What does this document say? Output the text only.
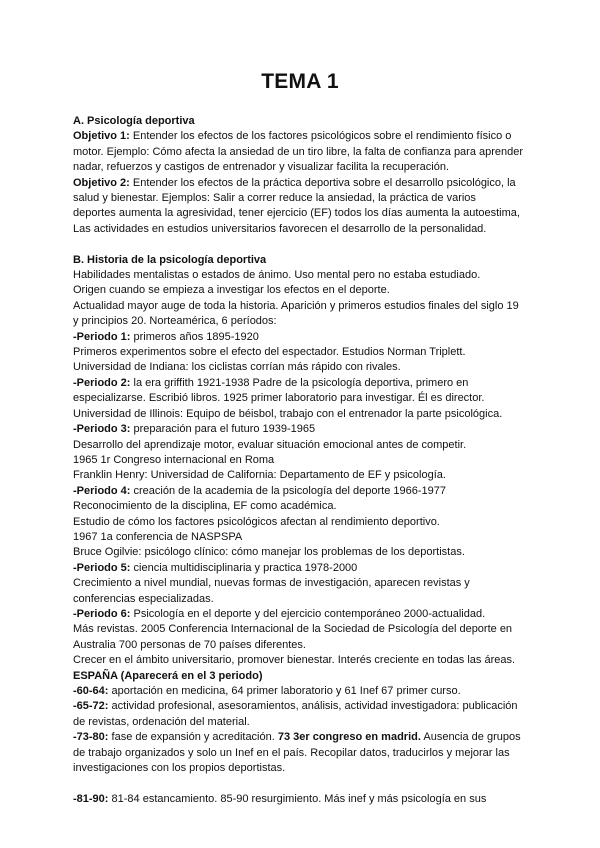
TEMA 1
A. Psicología deportiva
Objetivo 1: Entender los efectos de los factores psicológicos sobre el rendimiento físico o
motor. Ejemplo: Cómo afecta la ansiedad de un tiro libre, la falta de confianza para aprender
nadar, refuerzos y castigos de entrenador y visualizar facilita la recuperación.
Objetivo 2: Entender los efectos de la práctica deportiva sobre el desarrollo psicológico, la
salud y bienestar. Ejemplos: Salir a correr reduce la ansiedad, la práctica de varios
deportes aumenta la agresividad, tener ejercicio (EF) todos los días aumenta la autoestima,
Las actividades en estudios universitarios favorecen el desarrollo de la personalidad.
B. Historia de la psicología deportiva
Habilidades mentalistas o estados de ánimo. Uso mental pero no estaba estudiado.
Origen cuando se empieza a investigar los efectos en el deporte.
Actualidad mayor auge de toda la historia. Aparición y primeros estudios finales del siglo 19
y principios 20. Norteamérica, 6 períodos:
-Periodo 1: primeros años 1895-1920
Primeros experimentos sobre el efecto del espectador. Estudios Norman Triplett.
Universidad de Indiana: los ciclistas corrían más rápido con rivales.
-Periodo 2: la era griffith 1921-1938 Padre de la psicología deportiva, primero en
especializarse. Escribió libros. 1925 primer laboratorio para investigar. Él es director.
Universidad de Illinois: Equipo de béisbol, trabajo con el entrenador la parte psicológica.
-Periodo 3: preparación para el futuro 1939-1965
Desarrollo del aprendizaje motor, evaluar situación emocional antes de competir.
1965 1r Congreso internacional en Roma
Franklin Henry: Universidad de California: Departamento de EF y psicología.
-Periodo 4: creación de la academia de la psicología del deporte 1966-1977
Reconocimiento de la disciplina, EF como académica.
Estudio de cómo los factores psicológicos afectan al rendimiento deportivo.
1967 1a conferencia de NASPSPA
Bruce Ogilvie: psicólogo clínico: cómo manejar los problemas de los deportistas.
-Periodo 5: ciencia multidisciplinaria y practica 1978-2000
Crecimiento a nivel mundial, nuevas formas de investigación, aparecen revistas y
conferencias especializadas.
-Periodo 6: Psicología en el deporte y del ejercicio contemporáneo 2000-actualidad.
Más revistas. 2005 Conferencia Internacional de la Sociedad de Psicología del deporte en
Australia 700 personas de 70 países diferentes.
Crecer en el ámbito universitario, promover bienestar. Interés creciente en todas las áreas.
ESPAÑA (Aparecerá en el 3 periodo)
-60-64: aportación en medicina, 64 primer laboratorio y 61 Inef 67 primer curso.
-65-72: actividad profesional, asesoramientos, análisis, actividad investigadora: publicación
de revistas, ordenación del material.
-73-80: fase de expansión y acreditación. 73 3er congreso en madrid. Ausencia de grupos
de trabajo organizados y solo un Inef en el país. Recopilar datos, traducirlos y mejorar las
investigaciones con los propios deportistas.
-81-90: 81-84 estancamiento. 85-90 resurgimiento. Más inef y más psicología en sus
